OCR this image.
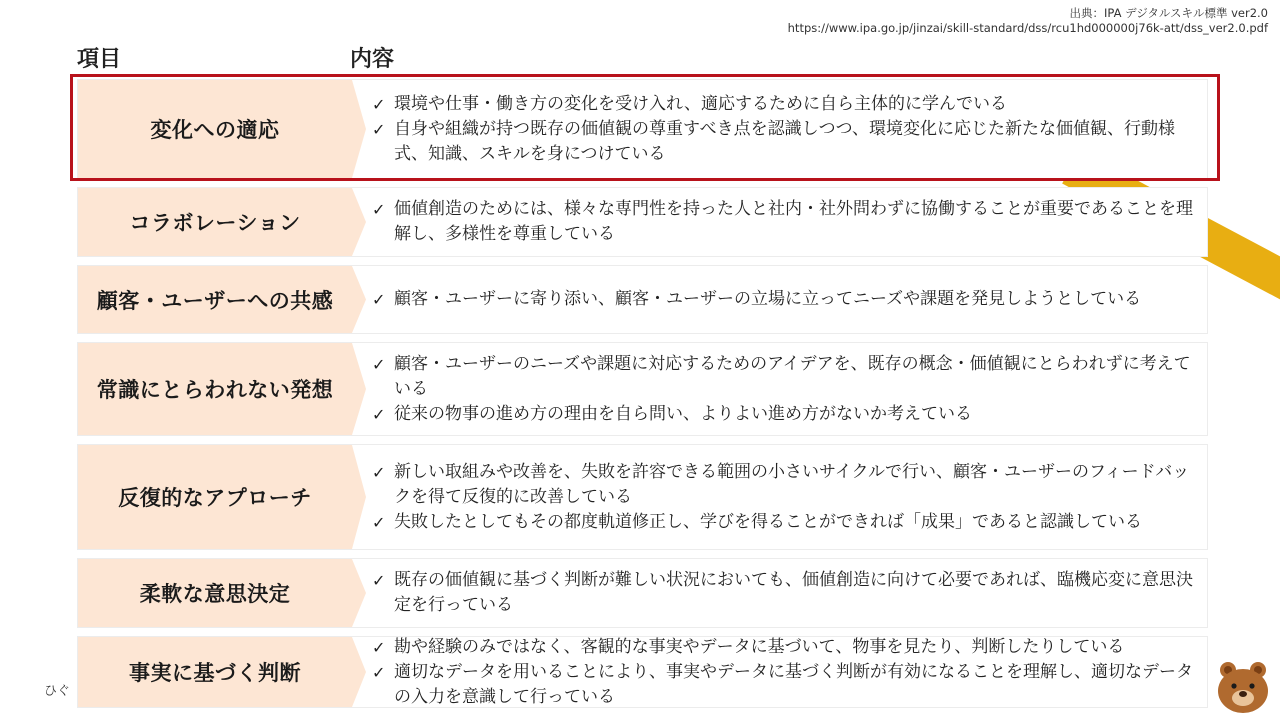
出典：IPA デジタルスキル標準 ver2.0
https://www.ipa.go.jp/jinzai/skill-standard/dss/rcu1hd000000j76k-att/dss_ver2.0.pdf
項目	内容
変化への適応
✓ 環境や仕事・働き方の変化を受け入れ、適応するために自ら主体的に学んでいる
✓ 自身や組織が持つ既存の価値観の尊重すべき点を認識しつつ、環境変化に応じた新たな価値観、行動様式、知識、スキルを身につけている
コラボレーション
✓ 価値創造のためには、様々な専門性を持った人と社内・社外問わずに協働することが重要であることを理解し、多様性を尊重している
顧客・ユーザーへの共感 ✓ 顧客・ユーザーに寄り添い、顧客・ユーザーの立場に立ってニーズや課題を発見しようとしている
常識にとらわれない発想
✓ 顧客・ユーザーのニーズや課題に対応するためのアイデアを、既存の概念・価値観にとらわれずに考えている
✓ 従来の物事の進め方の理由を自ら問い、よりよい進め方がないか考えている
反復的なアプローチ
✓ 新しい取組みや改善を、失敗を許容できる範囲の小さいサイクルで行い、顧客・ユーザーのフィードバックを得て反復的に改善している
✓ 失敗したとしてもその都度軌道修正し、学びを得ることができれば「成果」であると認識している
柔軟な意思決定
✓ 既存の価値観に基づく判断が難しい状況においても、価値創造に向けて必要であれば、臨機応変に意思決定を行っている
事実に基づく判断
✓ 勘や経験のみではなく、客観的な事実やデータに基づいて、物事を見たり、判断したりしている
✓ 適切なデータを用いることにより、事実やデータに基づく判断が有効になることを理解し、適切なデータの入力を意識して行っている
ひぐ
